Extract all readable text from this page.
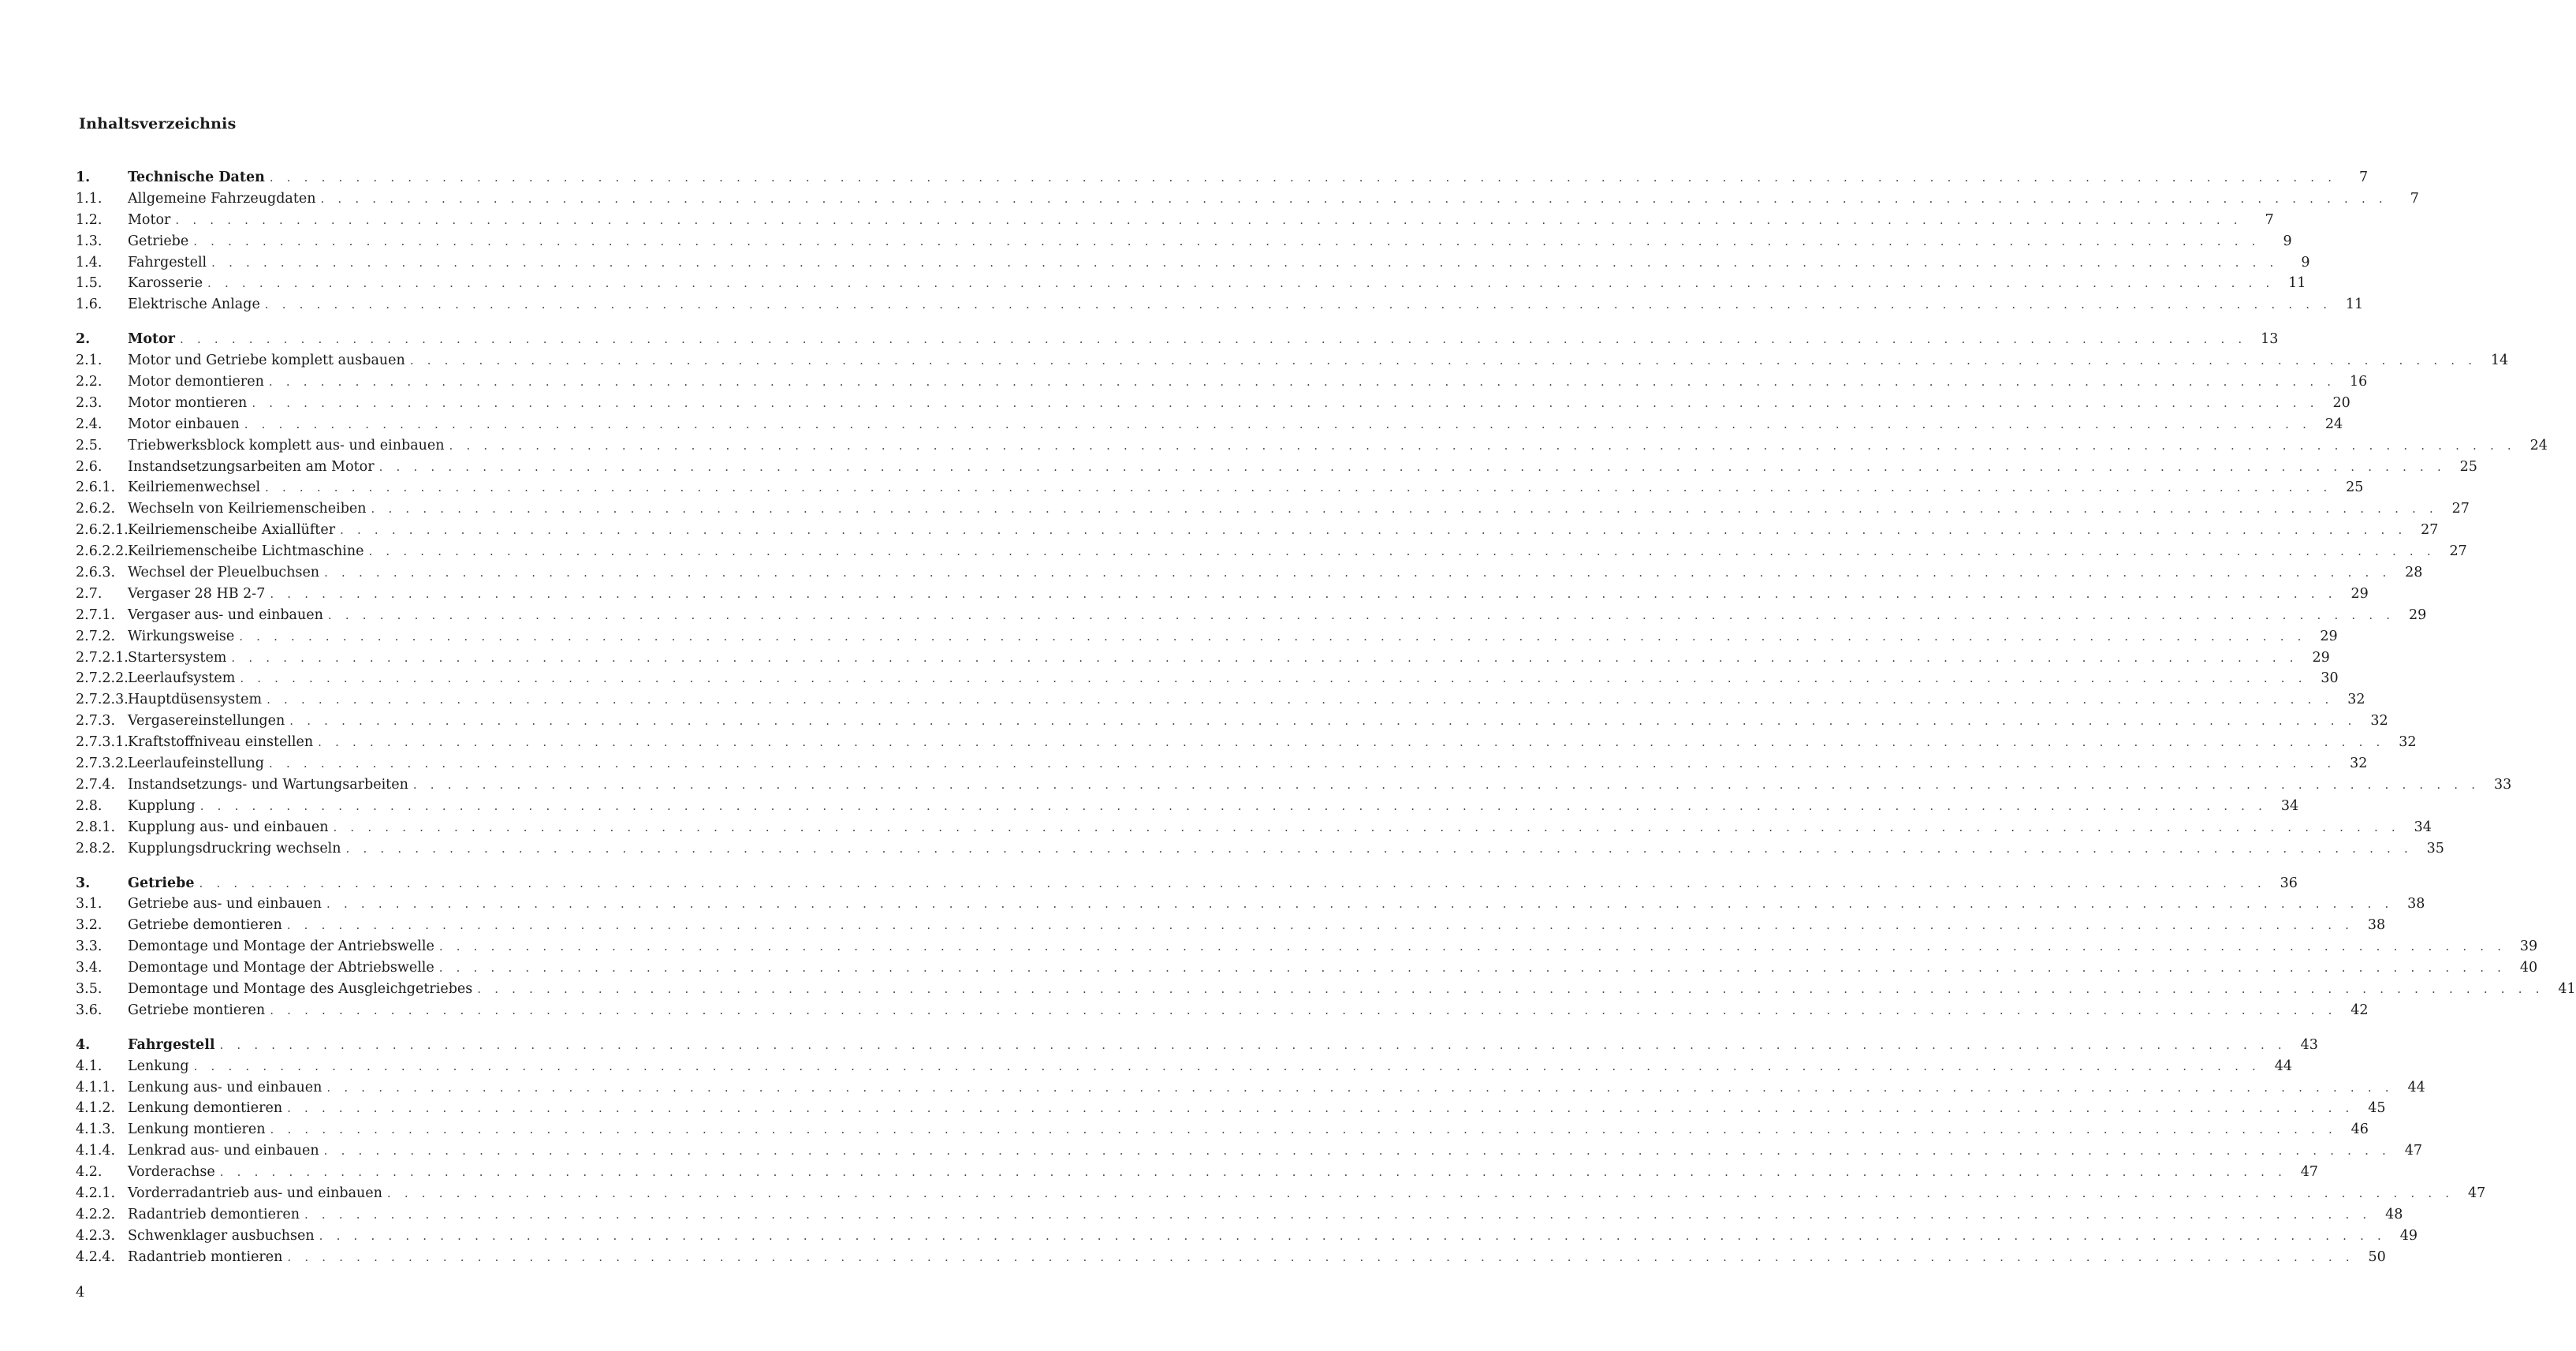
Inhaltsverzeichnis
1.	Technische Daten . . . . . . . . . . . . . . . . . . . . . . . . . . . . . . . . . . . . . . . . . . . . . . . . . . . . . . . . . . . . . . . . . . . . . . . . . . . . . . . . . . . . . . . . . . . . . . . . . . . . . . . . . . . . . . . . . . . . . . . .	7
1.1.	Allgemeine Fahrzeugdaten . . . . . . . . . . . . . . . . . . . . . . . . . . . . . . . . . . . . . . . . . . . . . . . . . . . . . . . . . . . . . . . . . . . . . . . . . . . . . . . . . . . . . . . . . . . . . . . . . . . . . . . . . . . . . . . . . . . . . . . .	7
1.2.	Motor . . . . . . . . . . . . . . . . . . . . . . . . . . . . . . . . . . . . . . . . . . . . . . . . . . . . . . . . . . . . . . . . . . . . . . . . . . . . . . . . . . . . . . . . . . . . . . . . . . . . . . . . . . . . . . . . . . . . . . . .	7
1.3.	Getriebe . . . . . . . . . . . . . . . . . . . . . . . . . . . . . . . . . . . . . . . . . . . . . . . . . . . . . . . . . . . . . . . . . . . . . . . . . . . . . . . . . . . . . . . . . . . . . . . . . . . . . . . . . . . . . . . . . . . . . . . .	9
1.4.	Fahrgestell . . . . . . . . . . . . . . . . . . . . . . . . . . . . . . . . . . . . . . . . . . . . . . . . . . . . . . . . . . . . . . . . . . . . . . . . . . . . . . . . . . . . . . . . . . . . . . . . . . . . . . . . . . . . . . . . . . . . . . . .	9
1.5.	Karosserie . . . . . . . . . . . . . . . . . . . . . . . . . . . . . . . . . . . . . . . . . . . . . . . . . . . . . . . . . . . . . . . . . . . . . . . . . . . . . . . . . . . . . . . . . . . . . . . . . . . . . . . . . . . . . . . . . . . . . . . .	11
1.6.	Elektrische Anlage . . . . . . . . . . . . . . . . . . . . . . . . . . . . . . . . . . . . . . . . . . . . . . . . . . . . . . . . . . . . . . . . . . . . . . . . . . . . . . . . . . . . . . . . . . . . . . . . . . . . . . . . . . . . . . . . . . . . . . . .	11
2.	Motor . . . . . . . . . . . . . . . . . . . . . . . . . . . . . . . . . . . . . . . . . . . . . . . . . . . . . . . . . . . . . . . . . . . . . . . . . . . . . . . . . . . . . . . . . . . . . . . . . . . . . . . . . . . . . . . . . . . . . . . .	13
2.1.	Motor und Getriebe komplett ausbauen . . . . . . . . . . . . . . . . . . . . . . . . . . . . . . . . . . . . . . . . . . . . . . . . . . . . . . . . . . . . . . . . . . . . . . . . . . . . . . . . . . . . . . . . . . . . . . . . . . . . . . . . . . . . . . . . . . . . . . . .	14
2.2.	Motor demontieren . . . . . . . . . . . . . . . . . . . . . . . . . . . . . . . . . . . . . . . . . . . . . . . . . . . . . . . . . . . . . . . . . . . . . . . . . . . . . . . . . . . . . . . . . . . . . . . . . . . . . . . . . . . . . . . . . . . . . . . .	16
2.3.	Motor montieren . . . . . . . . . . . . . . . . . . . . . . . . . . . . . . . . . . . . . . . . . . . . . . . . . . . . . . . . . . . . . . . . . . . . . . . . . . . . . . . . . . . . . . . . . . . . . . . . . . . . . . . . . . . . . . . . . . . . . . . .	20
2.4.	Motor einbauen . . . . . . . . . . . . . . . . . . . . . . . . . . . . . . . . . . . . . . . . . . . . . . . . . . . . . . . . . . . . . . . . . . . . . . . . . . . . . . . . . . . . . . . . . . . . . . . . . . . . . . . . . . . . . . . . . . . . . . . .	24
2.5.	Triebwerksblock komplett aus- und einbauen . . . . . . . . . . . . . . . . . . . . . . . . . . . . . . . . . . . . . . . . . . . . . . . . . . . . . . . . . . . . . . . . . . . . . . . . . . . . . . . . . . . . . . . . . . . . . . . . . . . . . . . . . . . . . . . . . . . . . . . .	24
2.6.	Instandsetzungsarbeiten am Motor . . . . . . . . . . . . . . . . . . . . . . . . . . . . . . . . . . . . . . . . . . . . . . . . . . . . . . . . . . . . . . . . . . . . . . . . . . . . . . . . . . . . . . . . . . . . . . . . . . . . . . . . . . . . . . . . . . . . . . . .	25
2.6.1. Keilriemenwechsel . . . . . . . . . . . . . . . . . . . . . . . . . . . . . . . . . . . . . . . . . . . . . . . . . . . . . . . . . . . . . . . . . . . . . . . . . . . . . . . . . . . . . . . . . . . . . . . . . . . . . . . . . . . . . . . . . . . . . . . .	25
2.6.2. Wechseln von Keilriemenscheiben . . . . . . . . . . . . . . . . . . . . . . . . . . . . . . . . . . . . . . . . . . . . . . . . . . . . . . . . . . . . . . . . . . . . . . . . . . . . . . . . . . . . . . . . . . . . . . . . . . . . . . . . . . . . . . . . . . . . . . . .	27
2.6.2.1. Keilriemenscheibe Axiallüfter . . . . . . . . . . . . . . . . . . . . . . . . . . . . . . . . . . . . . . . . . . . . . . . . . . . . . . . . . . . . . . . . . . . . . . . . . . . . . . . . . . . . . . . . . . . . . . . . . . . . . . . . . . . . . . . . . . . . . . . .	27
2.6.2.2. Keilriemenscheibe Lichtmaschine . . . . . . . . . . . . . . . . . . . . . . . . . . . . . . . . . . . . . . . . . . . . . . . . . . . . . . . . . . . . . . . . . . . . . . . . . . . . . . . . . . . . . . . . . . . . . . . . . . . . . . . . . . . . . . . . . . . . . . . .	27
2.6.3. Wechsel der Pleuelbuchsen . . . . . . . . . . . . . . . . . . . . . . . . . . . . . . . . . . . . . . . . . . . . . . . . . . . . . . . . . . . . . . . . . . . . . . . . . . . . . . . . . . . . . . . . . . . . . . . . . . . . . . . . . . . . . . . . . . . . . . . .	28
2.7.	Vergaser 28 HB 2-7 . . . . . . . . . . . . . . . . . . . . . . . . . . . . . . . . . . . . . . . . . . . . . . . . . . . . . . . . . . . . . . . . . . . . . . . . . . . . . . . . . . . . . . . . . . . . . . . . . . . . . . . . . . . . . . . . . . . . . . . .	29
2.7.1. Vergaser aus- und einbauen . . . . . . . . . . . . . . . . . . . . . . . . . . . . . . . . . . . . . . . . . . . . . . . . . . . . . . . . . . . . . . . . . . . . . . . . . . . . . . . . . . . . . . . . . . . . . . . . . . . . . . . . . . . . . . . . . . . . . . . .	29
2.7.2. Wirkungsweise . . . . . . . . . . . . . . . . . . . . . . . . . . . . . . . . . . . . . . . . . . . . . . . . . . . . . . . . . . . . . . . . . . . . . . . . . . . . . . . . . . . . . . . . . . . . . . . . . . . . . . . . . . . . . . . . . . . . . . . .	29
2.7.2.1. Startersystem . . . . . . . . . . . . . . . . . . . . . . . . . . . . . . . . . . . . . . . . . . . . . . . . . . . . . . . . . . . . . . . . . . . . . . . . . . . . . . . . . . . . . . . . . . . . . . . . . . . . . . . . . . . . . . . . . . . . . . . .	29
2.7.2.2. Leerlaufsystem . . . . . . . . . . . . . . . . . . . . . . . . . . . . . . . . . . . . . . . . . . . . . . . . . . . . . . . . . . . . . . . . . . . . . . . . . . . . . . . . . . . . . . . . . . . . . . . . . . . . . . . . . . . . . . . . . . . . . . . .	30
2.7.2.3. Hauptdüsensystem . . . . . . . . . . . . . . . . . . . . . . . . . . . . . . . . . . . . . . . . . . . . . . . . . . . . . . . . . . . . . . . . . . . . . . . . . . . . . . . . . . . . . . . . . . . . . . . . . . . . . . . . . . . . . . . . . . . . . . . .	32
2.7.3. Vergasereinstellungen . . . . . . . . . . . . . . . . . . . . . . . . . . . . . . . . . . . . . . . . . . . . . . . . . . . . . . . . . . . . . . . . . . . . . . . . . . . . . . . . . . . . . . . . . . . . . . . . . . . . . . . . . . . . . . . . . . . . . . . .	32
2.7.3.1. Kraftstoffniveau einstellen . . . . . . . . . . . . . . . . . . . . . . . . . . . . . . . . . . . . . . . . . . . . . . . . . . . . . . . . . . . . . . . . . . . . . . . . . . . . . . . . . . . . . . . . . . . . . . . . . . . . . . . . . . . . . . . . . . . . . . . .	32
2.7.3.2. Leerlaufeinstellung . . . . . . . . . . . . . . . . . . . . . . . . . . . . . . . . . . . . . . . . . . . . . . . . . . . . . . . . . . . . . . . . . . . . . . . . . . . . . . . . . . . . . . . . . . . . . . . . . . . . . . . . . . . . . . . . . . . . . . . .	32
2.7.4. Instandsetzungs- und Wartungsarbeiten . . . . . . . . . . . . . . . . . . . . . . . . . . . . . . . . . . . . . . . . . . . . . . . . . . . . . . . . . . . . . . . . . . . . . . . . . . . . . . . . . . . . . . . . . . . . . . . . . . . . . . . . . . . . . . . . . . . . . . . .	33
2.8.	Kupplung . . . . . . . . . . . . . . . . . . . . . . . . . . . . . . . . . . . . . . . . . . . . . . . . . . . . . . . . . . . . . . . . . . . . . . . . . . . . . . . . . . . . . . . . . . . . . . . . . . . . . . . . . . . . . . . . . . . . . . . .	34
2.8.1. Kupplung aus- und einbauen . . . . . . . . . . . . . . . . . . . . . . . . . . . . . . . . . . . . . . . . . . . . . . . . . . . . . . . . . . . . . . . . . . . . . . . . . . . . . . . . . . . . . . . . . . . . . . . . . . . . . . . . . . . . . . . . . . . . . . . .	34
2.8.2. Kupplungsdruckring wechseln . . . . . . . . . . . . . . . . . . . . . . . . . . . . . . . . . . . . . . . . . . . . . . . . . . . . . . . . . . . . . . . . . . . . . . . . . . . . . . . . . . . . . . . . . . . . . . . . . . . . . . . . . . . . . . . . . . . . . . . .	35
3.	Getriebe . . . . . . . . . . . . . . . . . . . . . . . . . . . . . . . . . . . . . . . . . . . . . . . . . . . . . . . . . . . . . . . . . . . . . . . . . . . . . . . . . . . . . . . . . . . . . . . . . . . . . . . . . . . . . . . . . . . . . . . .	36
3.1.	Getriebe aus- und einbauen . . . . . . . . . . . . . . . . . . . . . . . . . . . . . . . . . . . . . . . . . . . . . . . . . . . . . . . . . . . . . . . . . . . . . . . . . . . . . . . . . . . . . . . . . . . . . . . . . . . . . . . . . . . . . . . . . . . . . . . .	38
3.2.	Getriebe demontieren . . . . . . . . . . . . . . . . . . . . . . . . . . . . . . . . . . . . . . . . . . . . . . . . . . . . . . . . . . . . . . . . . . . . . . . . . . . . . . . . . . . . . . . . . . . . . . . . . . . . . . . . . . . . . . . . . . . . . . . .	38
3.3.	Demontage und Montage der Antriebswelle . . . . . . . . . . . . . . . . . . . . . . . . . . . . . . . . . . . . . . . . . . . . . . . . . . . . . . . . . . . . . . . . . . . . . . . . . . . . . . . . . . . . . . . . . . . . . . . . . . . . . . . . . . . . . . . . . . . . . . . .	39
3.4.	Demontage und Montage der Abtriebswelle . . . . . . . . . . . . . . . . . . . . . . . . . . . . . . . . . . . . . . . . . . . . . . . . . . . . . . . . . . . . . . . . . . . . . . . . . . . . . . . . . . . . . . . . . . . . . . . . . . . . . . . . . . . . . . . . . . . . . . . .	40
3.5.	Demontage und Montage des Ausgleichgetriebes . . . . . . . . . . . . . . . . . . . . . . . . . . . . . . . . . . . . . . . . . . . . . . . . . . . . . . . . . . . . . . . . . . . . . . . . . . . . . . . . . . . . . . . . . . . . . . . . . . . . . . . . . . . . . . . . . . . . . . . .	41
3.6.	Getriebe montieren . . . . . . . . . . . . . . . . . . . . . . . . . . . . . . . . . . . . . . . . . . . . . . . . . . . . . . . . . . . . . . . . . . . . . . . . . . . . . . . . . . . . . . . . . . . . . . . . . . . . . . . . . . . . . . . . . . . . . . . .	42
4.	Fahrgestell . . . . . . . . . . . . . . . . . . . . . . . . . . . . . . . . . . . . . . . . . . . . . . . . . . . . . . . . . . . . . . . . . . . . . . . . . . . . . . . . . . . . . . . . . . . . . . . . . . . . . . . . . . . . . . . . . . . . . . . .	43
4.1.	Lenkung . . . . . . . . . . . . . . . . . . . . . . . . . . . . . . . . . . . . . . . . . . . . . . . . . . . . . . . . . . . . . . . . . . . . . . . . . . . . . . . . . . . . . . . . . . . . . . . . . . . . . . . . . . . . . . . . . . . . . . . .	44
4.1.1. Lenkung aus- und einbauen . . . . . . . . . . . . . . . . . . . . . . . . . . . . . . . . . . . . . . . . . . . . . . . . . . . . . . . . . . . . . . . . . . . . . . . . . . . . . . . . . . . . . . . . . . . . . . . . . . . . . . . . . . . . . . . . . . . . . . . .	44
4.1.2. Lenkung demontieren . . . . . . . . . . . . . . . . . . . . . . . . . . . . . . . . . . . . . . . . . . . . . . . . . . . . . . . . . . . . . . . . . . . . . . . . . . . . . . . . . . . . . . . . . . . . . . . . . . . . . . . . . . . . . . . . . . . . . . . .	45
4.1.3. Lenkung montieren . . . . . . . . . . . . . . . . . . . . . . . . . . . . . . . . . . . . . . . . . . . . . . . . . . . . . . . . . . . . . . . . . . . . . . . . . . . . . . . . . . . . . . . . . . . . . . . . . . . . . . . . . . . . . . . . . . . . . . . .	46
4.1.4. Lenkrad aus- und einbauen . . . . . . . . . . . . . . . . . . . . . . . . . . . . . . . . . . . . . . . . . . . . . . . . . . . . . . . . . . . . . . . . . . . . . . . . . . . . . . . . . . . . . . . . . . . . . . . . . . . . . . . . . . . . . . . . . . . . . . . .	47
4.2.	Vorderachse . . . . . . . . . . . . . . . . . . . . . . . . . . . . . . . . . . . . . . . . . . . . . . . . . . . . . . . . . . . . . . . . . . . . . . . . . . . . . . . . . . . . . . . . . . . . . . . . . . . . . . . . . . . . . . . . . . . . . . . .	47
4.2.1. Vorderradantrieb aus- und einbauen . . . . . . . . . . . . . . . . . . . . . . . . . . . . . . . . . . . . . . . . . . . . . . . . . . . . . . . . . . . . . . . . . . . . . . . . . . . . . . . . . . . . . . . . . . . . . . . . . . . . . . . . . . . . . . . . . . . . . . . .	47
4.2.2. Radantrieb demontieren . . . . . . . . . . . . . . . . . . . . . . . . . . . . . . . . . . . . . . . . . . . . . . . . . . . . . . . . . . . . . . . . . . . . . . . . . . . . . . . . . . . . . . . . . . . . . . . . . . . . . . . . . . . . . . . . . . . . . . . .	48
4.2.3. Schwenklager ausbuchsen . . . . . . . . . . . . . . . . . . . . . . . . . . . . . . . . . . . . . . . . . . . . . . . . . . . . . . . . . . . . . . . . . . . . . . . . . . . . . . . . . . . . . . . . . . . . . . . . . . . . . . . . . . . . . . . . . . . . . . . .	49
4.2.4. Radantrieb montieren . . . . . . . . . . . . . . . . . . . . . . . . . . . . . . . . . . . . . . . . . . . . . . . . . . . . . . . . . . . . . . . . . . . . . . . . . . . . . . . . . . . . . . . . . . . . . . . . . . . . . . . . . . . . . . . . . . . . . . . .	50
4
